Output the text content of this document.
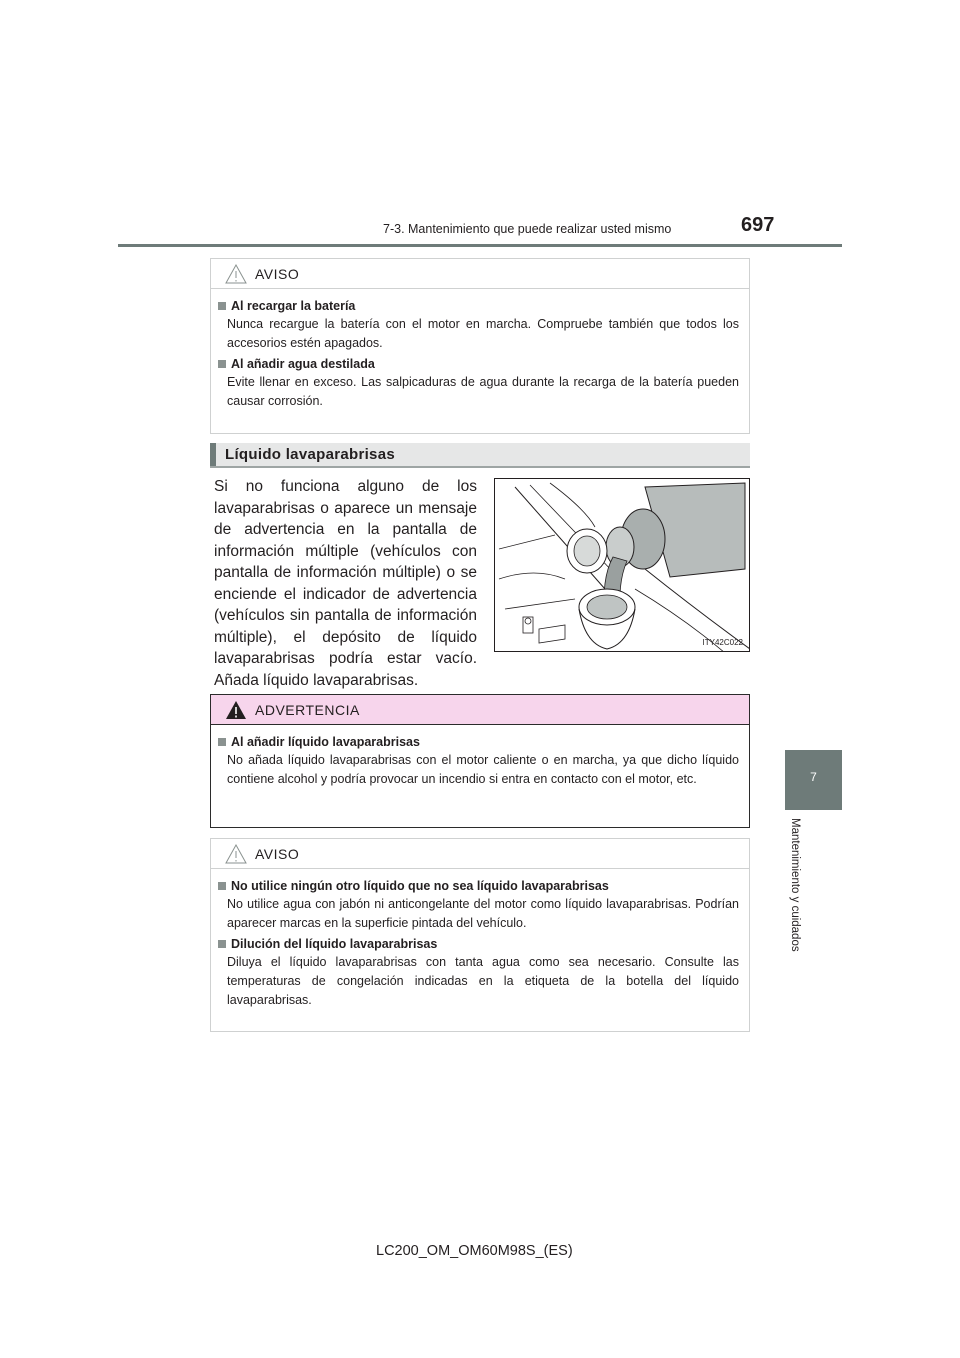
7-3. Mantenimiento que puede realizar usted mismo	697
7
Mantenimiento y cuidados
AVISO
Al recargar la batería
Nunca recargue la batería con el motor en marcha. Compruebe también que todos los accesorios estén apagados.
Al añadir agua destilada
Evite llenar en exceso. Las salpicaduras de agua durante la recarga de la batería pueden causar corrosión.
Líquido lavaparabrisas
Si no funciona alguno de los lavaparabrisas o aparece un mensaje de advertencia en la pantalla de información múltiple (vehículos con pantalla de información múltiple) o se enciende el indicador de advertencia (vehículos sin pantalla de información múltiple), el depósito de líquido lavaparabrisas podría estar vacío. Añada líquido lavaparabrisas.
ITY42C022
ADVERTENCIA
Al añadir líquido lavaparabrisas
No añada líquido lavaparabrisas con el motor caliente o en marcha, ya que dicho líquido contiene alcohol y podría provocar un incendio si entra en contacto con el motor, etc.
AVISO
No utilice ningún otro líquido que no sea líquido lavaparabrisas
No utilice agua con jabón ni anticongelante del motor como líquido lavaparabrisas. Podrían aparecer marcas en la superficie pintada del vehículo.
Dilución del líquido lavaparabrisas
Diluya el líquido lavaparabrisas con tanta agua como sea necesario. Consulte las temperaturas de congelación indicadas en la etiqueta de la botella del líquido lavaparabrisas.
LC200_OM_OM60M98S_(ES)
